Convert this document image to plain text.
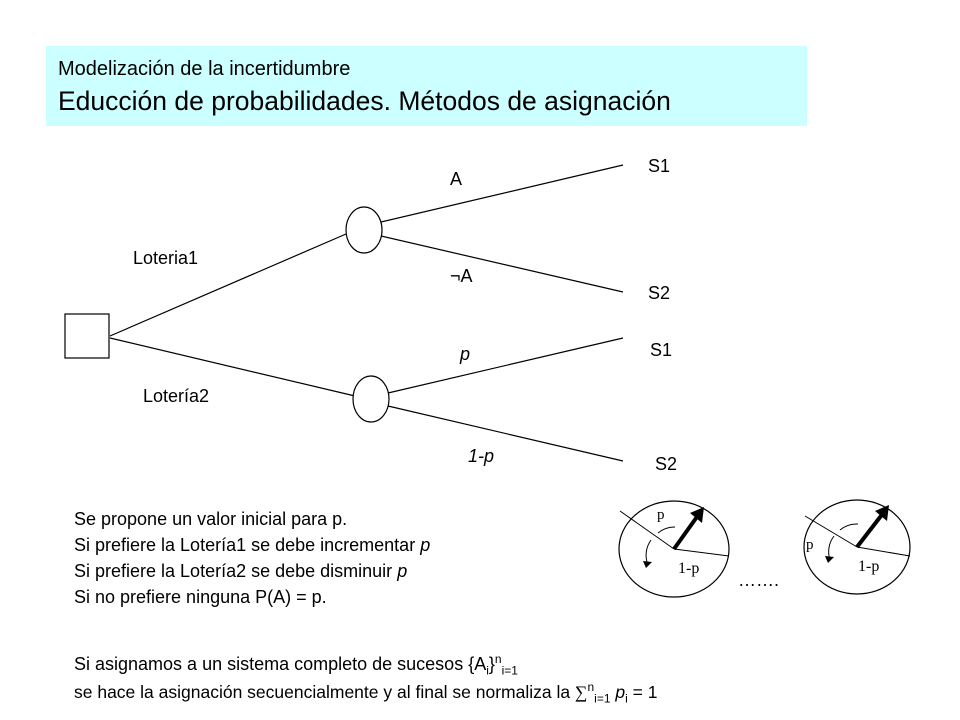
Modelización de la incertidumbre
Educción de probabilidades. Métodos de asignación
Loteria1
Lotería2
A
¬A
p
1-p
S1
S2
S1
S2
p
1-p
p
1-p
…….
Se propone un valor inicial para p.
Si prefiere la Lotería1 se debe incrementar p
Si prefiere la Lotería2 se debe disminuir p
Si no prefiere ninguna P(A) = p.
Si asignamos a un sistema completo de sucesos $\{A_i\}^n_{i=1}$
se hace la asignación secuencialmente y al final se normaliza la ∑$^n_{i=1}$ $p_i = 1$
